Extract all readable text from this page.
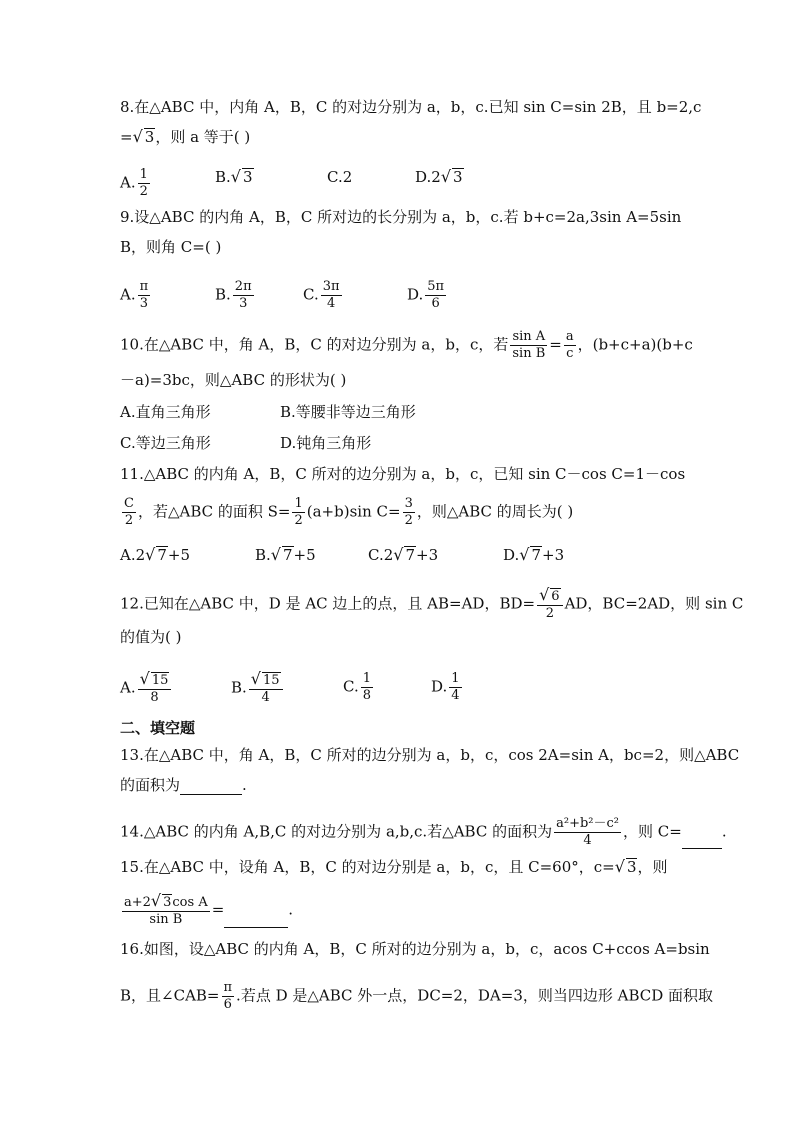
8.在△ABC 中，内角 A，B，C 的对边分别为 a，b，c.已知 sin C=sin 2B，且 b=2,c
=√ 3，则 a 等于( )
A. $\frac{1}{2}$	B.√ 3	C.2	D.2√ 3
9.设△ABC 的内角 A，B，C 所对边的长分别为 a，b，c.若 b+c=2a,3sin A=5sin
B，则角 C=( )
A. $\frac{\pi}{3}$	B. $\frac{2\pi}{3}$	C. $\frac{3\pi}{4}$	D. $\frac{5\pi}{6}$
10.在△ABC 中，角 A，B，C 的对边分别为 a，b，c，若 $\frac{\text{sin A}}{\text{sin B}} = \frac{a}{c}$ ，(b+c+a)(b+c
－a)=3bc，则△ABC 的形状为( )
A.直角三角形	B.等腰非等边三角形
C.等边三角形	D.钝角三角形
11.△ABC 的内角 A，B，C 所对的边分别为 a，b，c，已知 sin C－cos C=1－cos
$\frac{C}{2}$ ，若△ABC 的面积 $S= \frac{1}{2} (a+b)\sin$ $C= \frac{3}{2}$ ，则△ABC 的周长为( )
A.2√ 7+5	B.√ 7+5	C.2√ 7+3	D.√ 7+3
12.已知在△ABC 中，D 是 AC 边上的点，且 AB=AD，$BD= \frac{√ 6}{2}$ AD，BC=2AD，则 sin C
的值为( )
A. $\frac{√ 15}{8}$	B. $\frac{√ 15}{4}$	C. $\frac{1}{8}$	D. $\frac{1}{4}$
二、填空题
13.在△ABC 中，角 A，B，C 所对的边分别为 a，b，c，cos 2A=sin A，bc=2，则△ABC
的面积为	.
14.△ABC 的内角 A,B,C 的对边分别为 a,b,c.若△ABC 的面积为 $\frac{\text{a²+b²－c²}}{4}$ ，则 C=	.
15.在△ABC 中，设角 A，B，C 的对边分别是 a，b，c，且 C=60°，c=√ 3，则
$\frac{\text{a+2√ 3cos A}}{\text{sin B}}$ =	.
16.如图，设△ABC 的内角 A，B，C 所对的边分别为 a，b，c，acos C+ccos A=bsin
B，且∠CAB= $\frac{\pi}{6}$ .若点 D 是△ABC 外一点，DC=2，DA=3，则当四边形 ABCD 面积取
